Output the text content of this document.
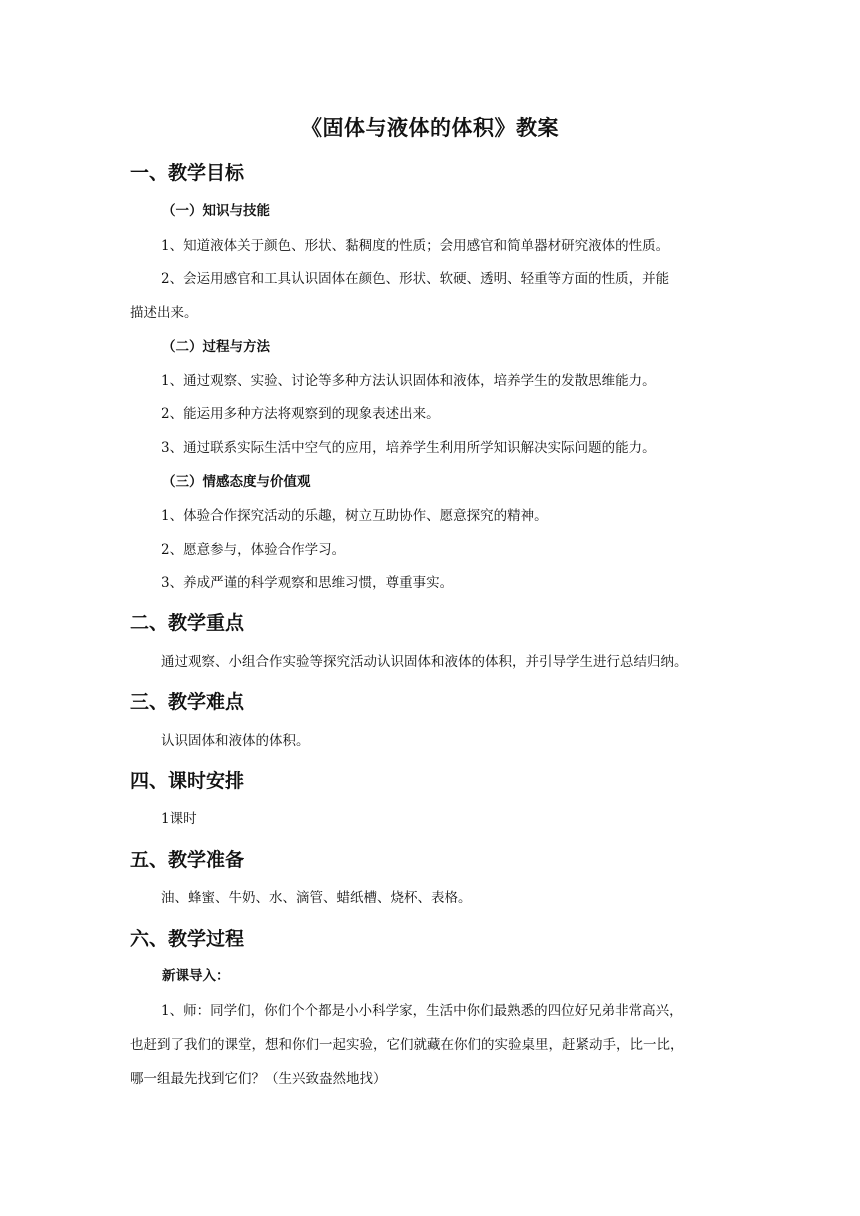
《固体与液体的体积》教案
一、教学目标
（一）知识与技能
1、知道液体关于颜色、形状、黏稠度的性质；会用感官和简单器材研究液体的性质。
2、会运用感官和工具认识固体在颜色、形状、软硬、透明、轻重等方面的性质，并能
描述出来。
（二）过程与方法
1、通过观察、实验、讨论等多种方法认识固体和液体，培养学生的发散思维能力。
2、能运用多种方法将观察到的现象表述出来。
3、通过联系实际生活中空气的应用，培养学生利用所学知识解决实际问题的能力。
（三）情感态度与价值观
1、体验合作探究活动的乐趣，树立互助协作、愿意探究的精神。
2、愿意参与，体验合作学习。
3、养成严谨的科学观察和思维习惯，尊重事实。
二、教学重点
通过观察、小组合作实验等探究活动认识固体和液体的体积，并引导学生进行总结归纳。
三、教学难点
认识固体和液体的体积。
四、课时安排
1课时
五、教学准备
油、蜂蜜、牛奶、水、滴管、蜡纸槽、烧杯、表格。
六、教学过程
新课导入：
1、师：同学们，你们个个都是小小科学家，生活中你们最熟悉的四位好兄弟非常高兴，
也赶到了我们的课堂，想和你们一起实验，它们就藏在你们的实验桌里，赶紧动手，比一比，
哪一组最先找到它们？（生兴致盎然地找）
